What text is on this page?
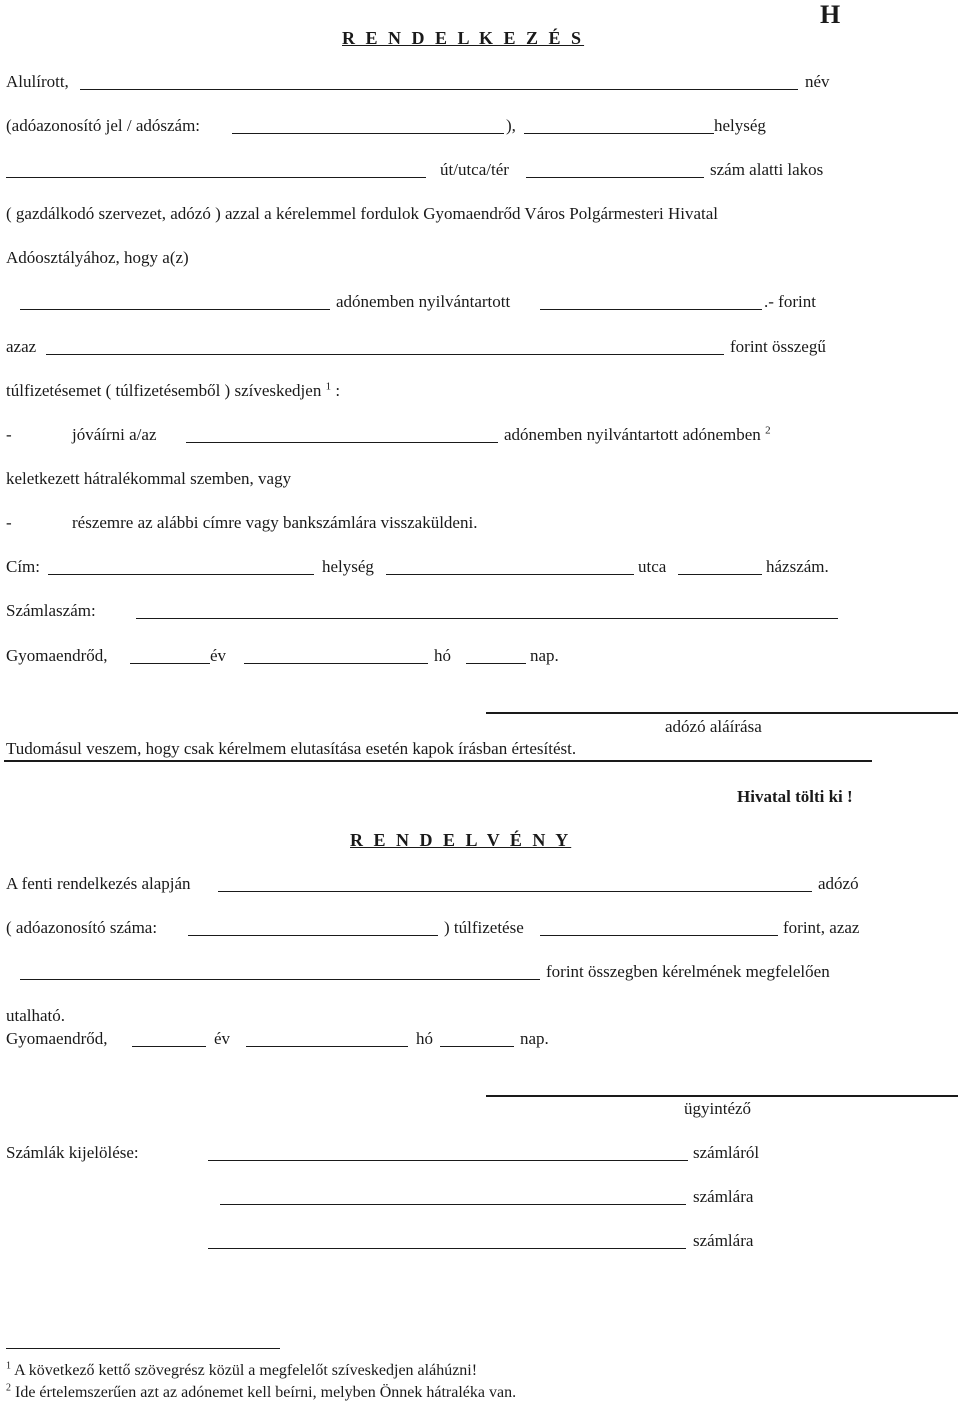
H
R E N D E L K E Z É S
Alulírott,	név
(adóazonosító jel / adószám:	),	helység
út/utca/tér	szám alatti lakos
( gazdálkodó szervezet, adózó ) azzal a kérelemmel fordulok Gyomaendrőd Város Polgármesteri Hivatal
Adóosztályához, hogy a(z)
adónemben nyilvántartott	.- forint
azaz	forint összegű
túlfizetésemet ( túlfizetésemből ) szíveskedjen $^1$ :
-	jóváírni a/az	adónemben nyilvántartott adónemben $^2$
keletkezett hátralékommal szemben, vagy
-	részemre az alábbi címre vagy bankszámlára visszaküldeni.
Cím:	helység	utca	házszám.
Számlaszám:
Gyomaendrőd,	év	hó	nap.
adózó aláírása
Tudomásul veszem, hogy csak kérelmem elutasítása esetén kapok írásban értesítést.
Hivatal tölti ki !
R E N D E L V É N Y
A fenti rendelkezés alapján	adózó
( adóazonosító száma:	) túlfizetése	forint, azaz
forint összegben kérelmének megfelelően
utalható.
Gyomaendrőd,	év	hó	nap.
ügyintéző
Számlák kijelölése:	számláról
számlára
számlára
$^1$ A következő kettő szövegrész közül a megfelelőt szíveskedjen aláhúzni!
$^2$ Ide értelemszerűen azt az adónemet kell beírni, melyben Önnek hátraléka van.
